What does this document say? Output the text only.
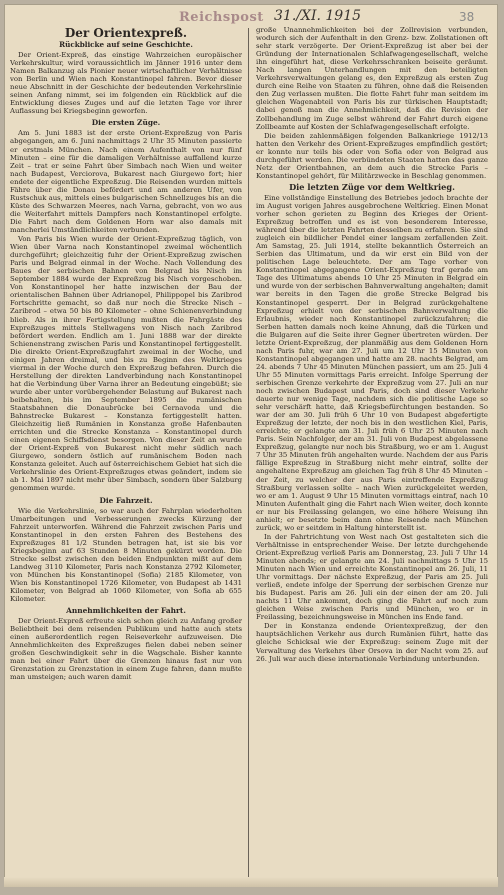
Reichspost 31./XI. 1915	38
Der Orientexpreß.
Rückblicke auf seine Geschichte.

Der Orient-Expreß, das einstige Wahrzeichen europäischer Verkehrskultur, wird voraussichtlich im Jänner 1916 unter dem Namen Balkanzug als Pionier neuer wirtschaftlicher Verhältnisse von Berlin und Wien nach Konstantinopel fahren. Bevor dieser neue Abschnitt in der Geschichte der bedeutenden Verkehrslinie seinen Anfang nimmt, sei im folgenden ein Rückblick auf die Entwicklung dieses Zuges und auf die letzten Tage vor ihrer Auflassung bei Kriegsbeginn geworfen.

Die ersten Züge.

Am 5. Juni 1883 ist der erste Orient-Expreßzug von Paris abgegangen, am 6. Juni nachmittags 2 Uhr 35 Minuten passierte er erstmals München. Nach einem Aufenthalt von nur fünf Minuten – eine für die damaligen Verhältnisse auffallend kurze Zeit – trat er seine Fahrt über Simbach nach Wien und weiter nach Budapest, Verciorova, Bukarest nach Giurgewo fort; hier endete der eigentliche Expreßzug. Die Reisenden wurden mittels Fähre über die Donau befördert und am anderen Ufer, von Rustschuk aus, mittels eines bulgarischen Schnellzuges bis an die Küste des Schwarzen Meeres, nach Varna, gebracht, von wo aus die Weiterfahrt mittels Dampfers nach Konstantinopel erfolgte. Die Fahrt nach dem Goldenen Horn war also damals mit mancherlei Umständlichkeiten verbunden.

Von Paris bis Wien wurde der Orient-Expreßzug täglich, von Wien über Varna nach Konstantinopel zweimal wöchentlich durchgeführt; gleichzeitig fuhr der Orient-Expreßzug zwischen Paris und Belgrad einmal in der Woche. Nach Vollendung des Baues der serbischen Bahnen von Belgrad bis Nisch im September 1884 wurde der Expreßzug bis Nisch vorgeschoben. Von Konstantinopel her hatte inzwischen der Bau der orientalischen Bahnen über Adrianopel, Philippopel bis Zaribrod Fortschritte gemacht, so daß nur noch die Strecke Nisch – Zaribrod – etwa 50 bis 80 Kilometer – ohne Schienenverbindung blieb. Als in ihrer Fertigstellung mußten die Fahrgäste des Expreßzuges mittels Stellwagens von Nisch nach Zaribrod befördert werden. Endlich am 1. Juni 1888 war der direkte Schienenstrang zwischen Paris und Konstantinopel fertiggestellt. Die direkte Orient-Expreßzugfahrt zweimal in der Woche, und einigen Jahren dreimal, und bis zu Beginn des Weltkrieges viermal in der Woche durch den Expreßzug befahren. Durch die Herstellung der direkten Landverbindung nach Konstantinopel hat die Verbindung über Varna ihrer an Bedeutung eingebüßt; sie wurde aber unter vorübergehender Belastung auf Bukarest nach beibehalten, bis im September 1895 die rumänischen Staatsbahnen die Donaubrücke bei Cernavoda und die Bahnstrecke Bukarest – Konstanza fertiggestellt hatten. Gleichzeitig ließ Rumänien in Konstanza große Hafenbauten errichten und die Strecke Konstanza – Konstantinopel durch einen eigenen Schiffsdienst besorgen. Von dieser Zeit an wurde der Orient-Expreß von Bukarest nicht mehr südlich nach Giurgewo, sondern östlich auf rumänischem Boden nach Konstanza geleitet. Auch auf österreichischem Gebiet hat sich die Verkehrslinie des Orient-Expreßzuges etwas geändert, indem sie ab 1. Mai 1897 nicht mehr über Simbach, sondern über Salzburg genommen wurde.

Die Fahrzeit.

Wie die Verkehrslinie, so war auch der Fahrplan wiederholten Umarbeitungen und Verbesserungen zwecks Kürzung der Fahrzeit unterworfen. Während die Fahrzeit zwischen Paris und Konstantinopel in den ersten Fahren des Bestehens des Expreßzuges 81 1/2 Stunden betragen hat, ist sie bis vor Kriegsbeginn auf 63 Stunden 8 Minuten gekürzt worden. Die Strecke selbst zwischen den beiden Endpunkten mißt auf dem Landweg 3110 Kilometer, Paris nach Konstanza 2792 Kilometer, von München bis Konstantinopel (Sofia) 2185 Kilometer, von Wien bis Konstantinopel 1726 Kilometer, von Budapest ab 1431 Kilometer, von Belgrad ab 1060 Kilometer, von Sofia ab 655 Kilometer.

Annehmlichkeiten der Fahrt.

Der Orient-Expreß erfreute sich schon gleich zu Anfang großer Beliebtheit bei dem reisenden Publikum und hatte auch stets einen außerordentlich regen Reiseverkehr aufzuweisen. Die Annehmlichkeiten des Expreßzuges fielen dabei neben seiner großen Geschwindigkeit sehr in die Wagschale. Bisher kannte man bei einer Fahrt über die Grenzen hinaus fast nur von Grenzstation zu Grenzstation in einem Zuge fahren, dann mußte man umsteigen; auch waren damit

große Unannehmlichkeiten bei der Zollrevision verbunden, wodurch sich der Aufenthalt in den Grenz- bzw. Zollstationen oft sehr stark verzögerte. Der Orient-Expreßzug ist aber bei der Gründung der Internationalen Schlafwagengesellschaft, welche ihn eingeführt hat, diese Verkehrsschranken beiseite geräumt. Nach langen Unterhandlungen mit den beteiligten Verkehrsverwaltungen gelang es, den Expreßzug als ersten Zug durch eine Reihe von Staaten zu führen, ohne daß die Reisenden den Zug verlassen mußten. Die flotte Fahrt fuhr man seitdem im gleichen Wagenabteil von Paris bis zur türkischen Hauptstadt; dabei genoß man die Annehmlichkeit, daß die Revision der Zollbehandlung im Zuge selbst während der Fahrt durch eigene Zollbeamte auf Kosten der Schlafwagengesellschaft erfolgte.

Die beiden zahlenmäßigen folgenden Balkankriege 1912/13 hatten den Verkehr des Orient-Expreßzuges empfindlich gestört; er konnte nur teils bis oder von Sofia oder von Belgrad aus durchgeführt werden. Die verbündeten Staaten hatten das ganze Netz der Orientbahnen, an dem auch die Strecke Paris – Konstantinopel gehört, für Militärzwecke in Beschlag genommen.

Die letzten Züge vor dem Weltkrieg.

Eine vollständige Einstellung des Betriebes jedoch brachte der im August vorigen Jahres ausgebrochene Weltkrieg. Einen Monat vorher schon gerieten zu Beginn des Krieges der Orient-Expreßzug betroffen und es ist von besonderem Interesse, während über die letzten Fahrten desselben zu erfahren. Sie sind zugleich ein bildlicher Pendel einer langsam zerfallenden Zeit. Am Samstag, 25. Juli 1914, stellte bekanntlich Österreich an Serbien das Ultimatum, und da wir erst ein Bild von der politischen Lage beleuchtete. Der am Tage vorher von Konstantinopel abgegangene Orient-Expreßzug traf gerade am Tage des Ultimatums abends 10 Uhr 25 Minuten in Belgrad ein und wurde von der serbischen Bahnverwaltung angehalten; damit war bereits in den Tagen die große Strecke Belgrad bis Konstantinopel gesperrt. Der in Belgrad zurückgehaltene Expreßzug erhielt von der serbischen Bahnverwaltung die Erlaubnis, wieder nach Konstantinopel zurückzufahren; die Serben hatten damals noch keine Ahnung, daß die Türken und die Bulgaren auf die Seite ihrer Gegner übertreten würden. Der letzte Orient-Expreßzug, der planmäßig aus dem Goldenen Horn nach Paris fuhr, war am 27. Juli um 12 Uhr 15 Minuten von Konstantinopel abgegangen und hatte am 28. nachts Belgrad, am 24. abends 7 Uhr 45 Minuten München passiert, um am 25. Juli 4 Uhr 55 Minuten vormittags Paris erreicht. Infolge Sperrung der serbischen Grenze verkehrte der Expreßzug vom 27. Juli an nur noch zwischen Budapest und Paris, doch sind dieser Verkehr dauerte nur wenige Tage, nachdem sich die politische Lage so sehr verschärft hatte, daß Kriegsbefürchtungen bestanden. So war der am 30. Juli früh 6 Uhr 10 von Budapest abgefertigte Expreßzug der letzte, der noch bis in den westlichen Kiel, Paris, erreichte; er gelangte am 31. Juli früh 6 Uhr 25 Minuten nach Paris. Sein Nachfolger, der am 31. Juli von Budapest abgelassene Expreßzug, gelangte nur noch bis Straßburg, wo er am 1. August 7 Uhr 35 Minuten früh angehalten wurde. Nachdem der aus Paris fällige Expreßzug in Straßburg nicht mehr eintraf, sollte der angehaltene Expreßzug am gleichen Tag früh 8 Uhr 45 Minuten – der Zeit, zu welcher der aus Paris eintreffende Expreßzug Straßburg verlassen sollte – nach Wien zurückgeleitet werden, wo er am 1. August 9 Uhr 15 Minuten vormittags eintraf, nach 10 Minuten Aufenthalt ging die Fahrt nach Wien weiter, doch konnte er nur bis Freilassing gelangen, wo eine höhere Weisung ihn anhielt; er besetzte beim dann ohne Reisende nach München zurück, wo er seitdem in Haltung hinterstellt ist.

In der Fahrtrichtung von West nach Ost gestalteten sich die Verhältnisse in entsprechender Weise. Der letzte durchgehende Orient-Expreßzug verließ Paris am Donnerstag, 23. Juli 7 Uhr 14 Minuten abends; er gelangte am 24. Juli nachmittags 5 Uhr 15 Minuten nach Wien und erreichte Konstantinopel am 26. Juli, 11 Uhr vormittags. Der nächste Expreßzug, der Paris am 25. Juli verließ, endete infolge der Sperrung der serbischen Grenze nur bis Budapest. Paris am 26. Juli ein der einen der am 20. Juli nachts 11 Uhr ankommt, doch ging die Fahrt auf noch zum gleichen Weise zwischen Paris und München, wo er in Freilassing, bezeichnungsweise in München ins Ende fand.

Der in Konstanza endende Orientexpreßzug, der den hauptsächlichen Verkehr aus durch Rumänien führt, hatte das gleiche Schicksal wie der Expreßzug: seinem Zuge mit der Verwaltung des Verkehrs über Orsova in der Nacht vom 25. auf 26. Juli war auch diese internationale Verbindung unterbunden.
